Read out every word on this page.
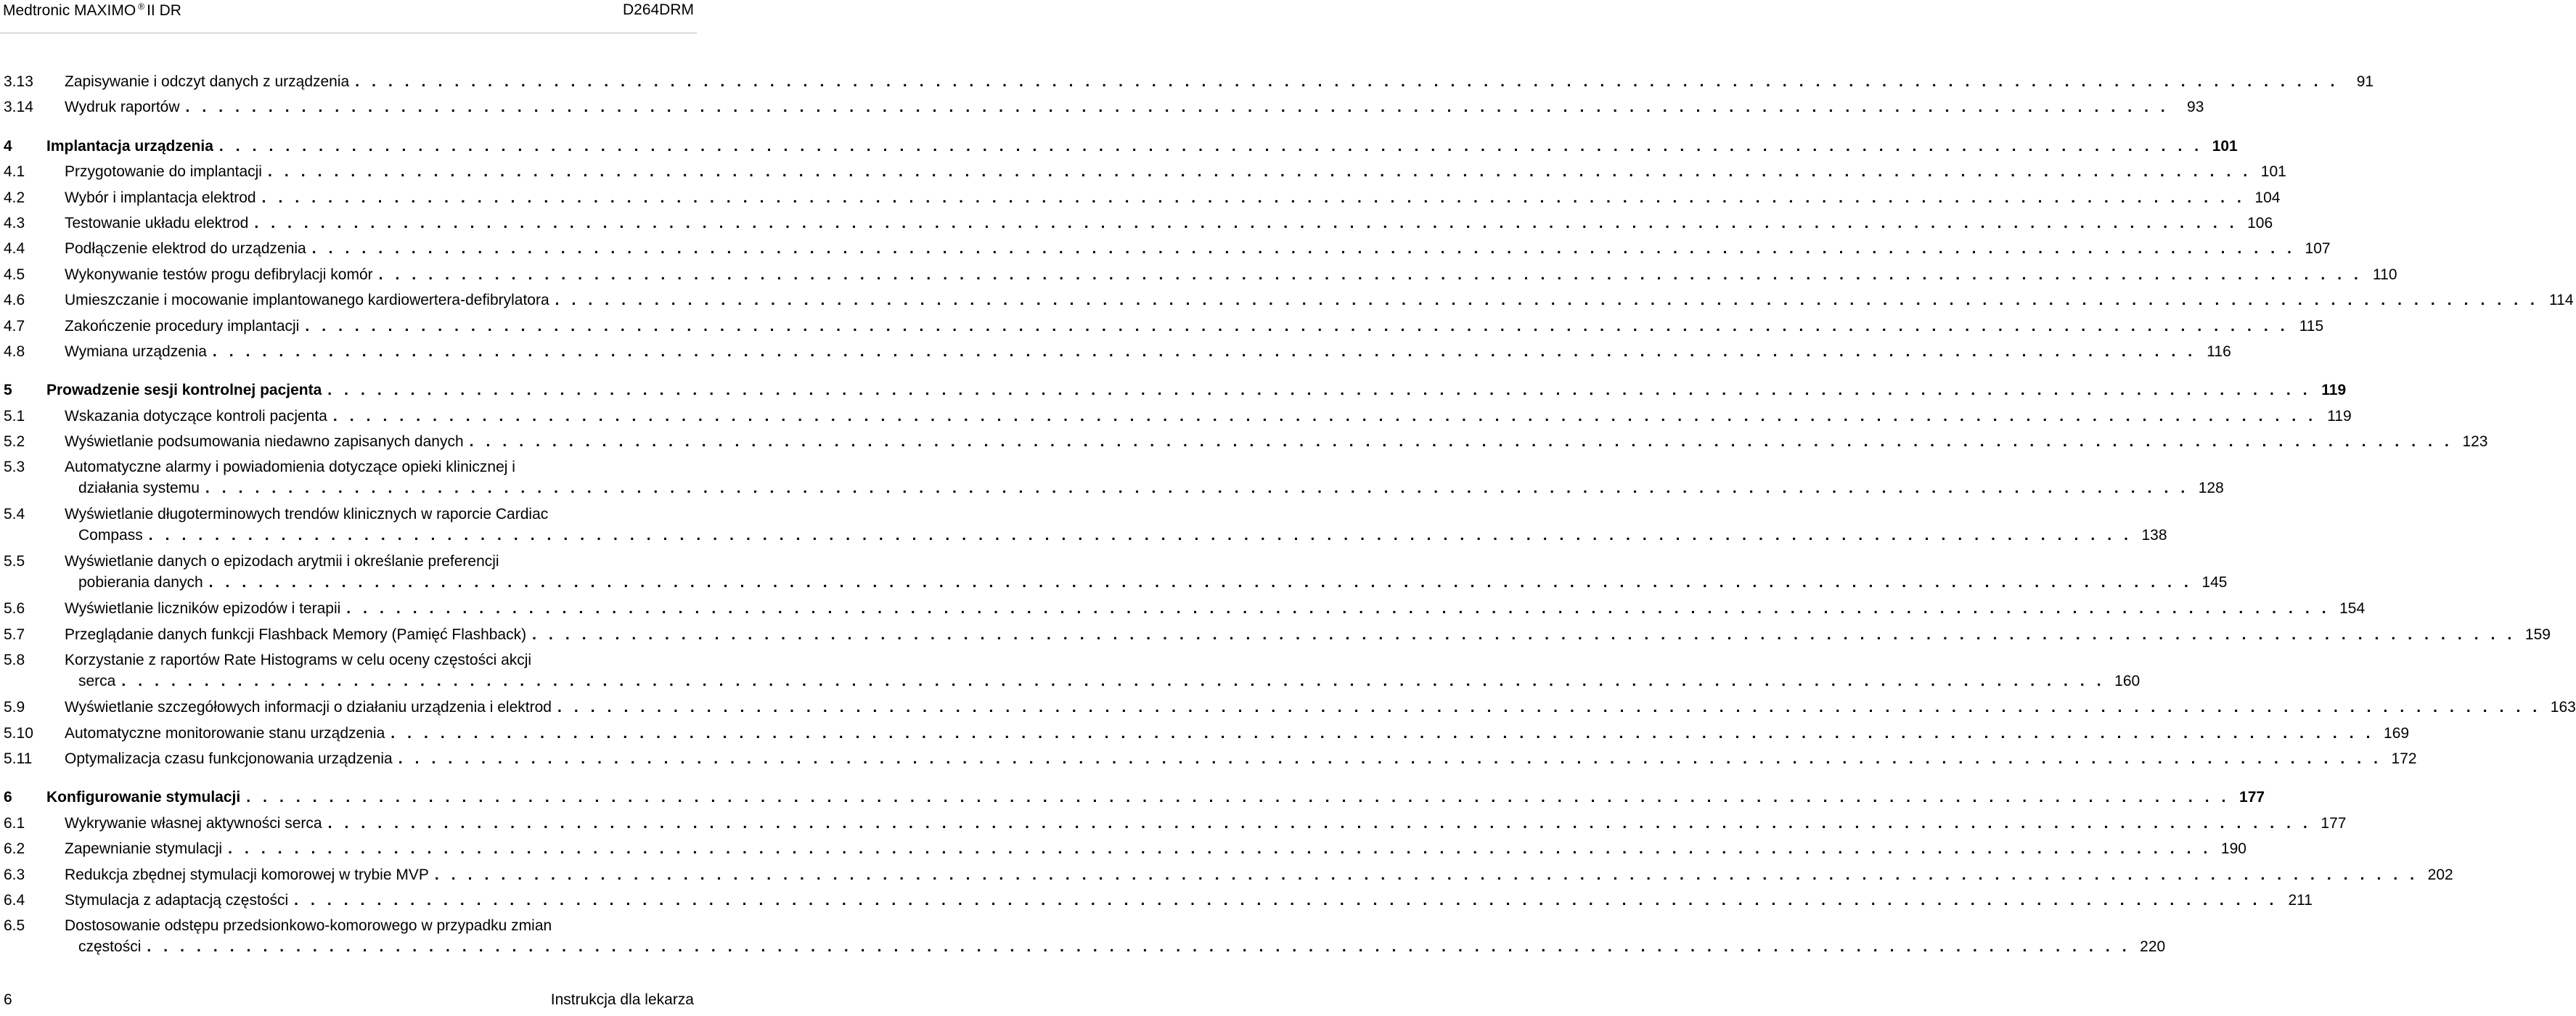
Medtronic MAXIMO ® II DR	D264DRM
3.13 Zapisywanie i odczyt danych z urządzenia . . . . . . . . . . . . . . . . . . . . . . . . . . . . . . . . . . . . . . . . . . . . . . . . . . . . . . . . . . . . . . . . . . . . . . . . . . . . . . . . . . . . . . . . . . . . . . . . . . . . . . . . . . . . . . . . . . . . . . . .	91
3.14 Wydruk raportów . . . . . . . . . . . . . . . . . . . . . . . . . . . . . . . . . . . . . . . . . . . . . . . . . . . . . . . . . . . . . . . . . . . . . . . . . . . . . . . . . . . . . . . . . . . . . . . . . . . . . . . . . . . . . . . . . . . . . . . .	93
4 Implantacja urządzenia . . . . . . . . . . . . . . . . . . . . . . . . . . . . . . . . . . . . . . . . . . . . . . . . . . . . . . . . . . . . . . . . . . . . . . . . . . . . . . . . . . . . . . . . . . . . . . . . . . . . . . . . . . . . . . . . . . . . . . . . 101
4.1	Przygotowanie do implantacji . . . . . . . . . . . . . . . . . . . . . . . . . . . . . . . . . . . . . . . . . . . . . . . . . . . . . . . . . . . . . . . . . . . . . . . . . . . . . . . . . . . . . . . . . . . . . . . . . . . . . . . . . . . . . . . . . . . . . . . . 101
4.2	Wybór i implantacja elektrod . . . . . . . . . . . . . . . . . . . . . . . . . . . . . . . . . . . . . . . . . . . . . . . . . . . . . . . . . . . . . . . . . . . . . . . . . . . . . . . . . . . . . . . . . . . . . . . . . . . . . . . . . . . . . . . . . . . . . . . . 104
4.3	Testowanie układu elektrod . . . . . . . . . . . . . . . . . . . . . . . . . . . . . . . . . . . . . . . . . . . . . . . . . . . . . . . . . . . . . . . . . . . . . . . . . . . . . . . . . . . . . . . . . . . . . . . . . . . . . . . . . . . . . . . . . . . . . . . . 106
4.4	Podłączenie elektrod do urządzenia . . . . . . . . . . . . . . . . . . . . . . . . . . . . . . . . . . . . . . . . . . . . . . . . . . . . . . . . . . . . . . . . . . . . . . . . . . . . . . . . . . . . . . . . . . . . . . . . . . . . . . . . . . . . . . . . . . . . . . . . 107
4.5	Wykonywanie testów progu defibrylacji komór . . . . . . . . . . . . . . . . . . . . . . . . . . . . . . . . . . . . . . . . . . . . . . . . . . . . . . . . . . . . . . . . . . . . . . . . . . . . . . . . . . . . . . . . . . . . . . . . . . . . . . . . . . . . . . . . . . . . . . . . 110
4.6	Umieszczanie i mocowanie implantowanego kardiowertera-defibrylatora . . . . . . . . . . . . . . . . . . . . . . . . . . . . . . . . . . . . . . . . . . . . . . . . . . . . . . . . . . . . . . . . . . . . . . . . . . . . . . . . . . . . . . . . . . . . . . . . . . . . . . . . . . . . . . . . . . . . . . . . 114
4.7	Zakończenie procedury implantacji . . . . . . . . . . . . . . . . . . . . . . . . . . . . . . . . . . . . . . . . . . . . . . . . . . . . . . . . . . . . . . . . . . . . . . . . . . . . . . . . . . . . . . . . . . . . . . . . . . . . . . . . . . . . . . . . . . . . . . . . 115
4.8	Wymiana urządzenia . . . . . . . . . . . . . . . . . . . . . . . . . . . . . . . . . . . . . . . . . . . . . . . . . . . . . . . . . . . . . . . . . . . . . . . . . . . . . . . . . . . . . . . . . . . . . . . . . . . . . . . . . . . . . . . . . . . . . . . . 116
5 Prowadzenie sesji kontrolnej pacjenta . . . . . . . . . . . . . . . . . . . . . . . . . . . . . . . . . . . . . . . . . . . . . . . . . . . . . . . . . . . . . . . . . . . . . . . . . . . . . . . . . . . . . . . . . . . . . . . . . . . . . . . . . . . . . . . . . . . . . . . . 119
5.1	Wskazania dotyczące kontroli pacjenta . . . . . . . . . . . . . . . . . . . . . . . . . . . . . . . . . . . . . . . . . . . . . . . . . . . . . . . . . . . . . . . . . . . . . . . . . . . . . . . . . . . . . . . . . . . . . . . . . . . . . . . . . . . . . . . . . . . . . . . . 119
5.2	Wyświetlanie podsumowania niedawno zapisanych danych . . . . . . . . . . . . . . . . . . . . . . . . . . . . . . . . . . . . . . . . . . . . . . . . . . . . . . . . . . . . . . . . . . . . . . . . . . . . . . . . . . . . . . . . . . . . . . . . . . . . . . . . . . . . . . . . . . . . . . . . 123
5.3	Automatyczne alarmy i powiadomienia dotyczące opieki klinicznej i
działania systemu . . . . . . . . . . . . . . . . . . . . . . . . . . . . . . . . . . . . . . . . . . . . . . . . . . . . . . . . . . . . . . . . . . . . . . . . . . . . . . . . . . . . . . . . . . . . . . . . . . . . . . . . . . . . . . . . . . . . . . . . 128
5.4	Wyświetlanie długoterminowych trendów klinicznych w raporcie Cardiac
Compass . . . . . . . . . . . . . . . . . . . . . . . . . . . . . . . . . . . . . . . . . . . . . . . . . . . . . . . . . . . . . . . . . . . . . . . . . . . . . . . . . . . . . . . . . . . . . . . . . . . . . . . . . . . . . . . . . . . . . . . . 138
5.5	Wyświetlanie danych o epizodach arytmii i określanie preferencji
pobierania danych . . . . . . . . . . . . . . . . . . . . . . . . . . . . . . . . . . . . . . . . . . . . . . . . . . . . . . . . . . . . . . . . . . . . . . . . . . . . . . . . . . . . . . . . . . . . . . . . . . . . . . . . . . . . . . . . . . . . . . . . 145
5.6	Wyświetlanie liczników epizodów i terapii . . . . . . . . . . . . . . . . . . . . . . . . . . . . . . . . . . . . . . . . . . . . . . . . . . . . . . . . . . . . . . . . . . . . . . . . . . . . . . . . . . . . . . . . . . . . . . . . . . . . . . . . . . . . . . . . . . . . . . . . 154
5.7	Przeglądanie danych funkcji Flashback Memory (Pamięć Flashback) . . . . . . . . . . . . . . . . . . . . . . . . . . . . . . . . . . . . . . . . . . . . . . . . . . . . . . . . . . . . . . . . . . . . . . . . . . . . . . . . . . . . . . . . . . . . . . . . . . . . . . . . . . . . . . . . . . . . . . . . 159
5.8	Korzystanie z raportów Rate Histograms w celu oceny częstości akcji
serca . . . . . . . . . . . . . . . . . . . . . . . . . . . . . . . . . . . . . . . . . . . . . . . . . . . . . . . . . . . . . . . . . . . . . . . . . . . . . . . . . . . . . . . . . . . . . . . . . . . . . . . . . . . . . . . . . . . . . . . . 160
5.9	Wyświetlanie szczegółowych informacji o działaniu urządzenia i elektrod . . . . . . . . . . . . . . . . . . . . . . . . . . . . . . . . . . . . . . . . . . . . . . . . . . . . . . . . . . . . . . . . . . . . . . . . . . . . . . . . . . . . . . . . . . . . . . . . . . . . . . . . . . . . . . . . . . . . . . . . 163
5.10 Automatyczne monitorowanie stanu urządzenia . . . . . . . . . . . . . . . . . . . . . . . . . . . . . . . . . . . . . . . . . . . . . . . . . . . . . . . . . . . . . . . . . . . . . . . . . . . . . . . . . . . . . . . . . . . . . . . . . . . . . . . . . . . . . . . . . . . . . . . . 169
5.11 Optymalizacja czasu funkcjonowania urządzenia . . . . . . . . . . . . . . . . . . . . . . . . . . . . . . . . . . . . . . . . . . . . . . . . . . . . . . . . . . . . . . . . . . . . . . . . . . . . . . . . . . . . . . . . . . . . . . . . . . . . . . . . . . . . . . . . . . . . . . . . 172
6 Konfigurowanie stymulacji . . . . . . . . . . . . . . . . . . . . . . . . . . . . . . . . . . . . . . . . . . . . . . . . . . . . . . . . . . . . . . . . . . . . . . . . . . . . . . . . . . . . . . . . . . . . . . . . . . . . . . . . . . . . . . . . . . . . . . . . 177
6.1	Wykrywanie własnej aktywności serca . . . . . . . . . . . . . . . . . . . . . . . . . . . . . . . . . . . . . . . . . . . . . . . . . . . . . . . . . . . . . . . . . . . . . . . . . . . . . . . . . . . . . . . . . . . . . . . . . . . . . . . . . . . . . . . . . . . . . . . . 177
6.2	Zapewnianie stymulacji . . . . . . . . . . . . . . . . . . . . . . . . . . . . . . . . . . . . . . . . . . . . . . . . . . . . . . . . . . . . . . . . . . . . . . . . . . . . . . . . . . . . . . . . . . . . . . . . . . . . . . . . . . . . . . . . . . . . . . . . 190
6.3	Redukcja zbędnej stymulacji komorowej w trybie MVP . . . . . . . . . . . . . . . . . . . . . . . . . . . . . . . . . . . . . . . . . . . . . . . . . . . . . . . . . . . . . . . . . . . . . . . . . . . . . . . . . . . . . . . . . . . . . . . . . . . . . . . . . . . . . . . . . . . . . . . . 202
6.4	Stymulacja z adaptacją częstości . . . . . . . . . . . . . . . . . . . . . . . . . . . . . . . . . . . . . . . . . . . . . . . . . . . . . . . . . . . . . . . . . . . . . . . . . . . . . . . . . . . . . . . . . . . . . . . . . . . . . . . . . . . . . . . . . . . . . . . . 211
6.5	Dostosowanie odstępu przedsionkowo-komorowego w przypadku zmian
częstości . . . . . . . . . . . . . . . . . . . . . . . . . . . . . . . . . . . . . . . . . . . . . . . . . . . . . . . . . . . . . . . . . . . . . . . . . . . . . . . . . . . . . . . . . . . . . . . . . . . . . . . . . . . . . . . . . . . . . . . . 220
6	Instrukcja dla lekarza
